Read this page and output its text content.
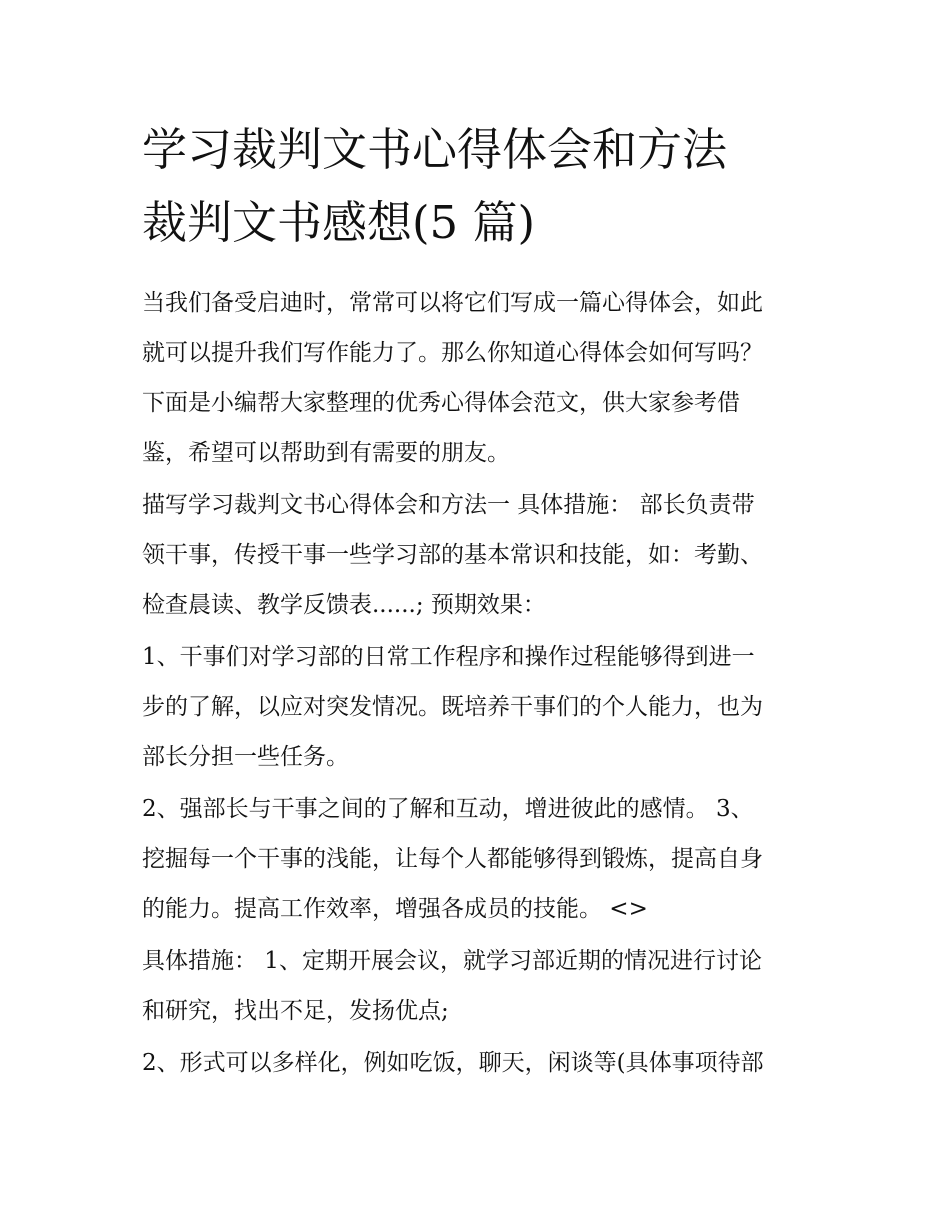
学习裁判文书心得体会和方法
裁判文书感想(5 篇)

当我们备受启迪时，常常可以将它们写成一篇心得体会，如此
就可以提升我们写作能力了。那么你知道心得体会如何写吗？
下面是小编帮大家整理的优秀心得体会范文，供大家参考借
鉴，希望可以帮助到有需要的朋友。

描写学习裁判文书心得体会和方法一 具体措施： 部长负责带
领干事，传授干事一些学习部的基本常识和技能，如：考勤、
检查晨读、教学反馈表......; 预期效果：

1、干事们对学习部的日常工作程序和操作过程能够得到进一
步的了解，以应对突发情况。既培养干事们的个人能力，也为
部长分担一些任务。

2、强部长与干事之间的了解和互动，增进彼此的感情。 3、
挖掘每一个干事的浅能，让每个人都能够得到锻炼，提高自身
的能力。提高工作效率，增强各成员的技能。 <>

具体措施： 1、定期开展会议，就学习部近期的情况进行讨论
和研究，找出不足，发扬优点;

2、形式可以多样化，例如吃饭，聊天，闲谈等(具体事项待部
